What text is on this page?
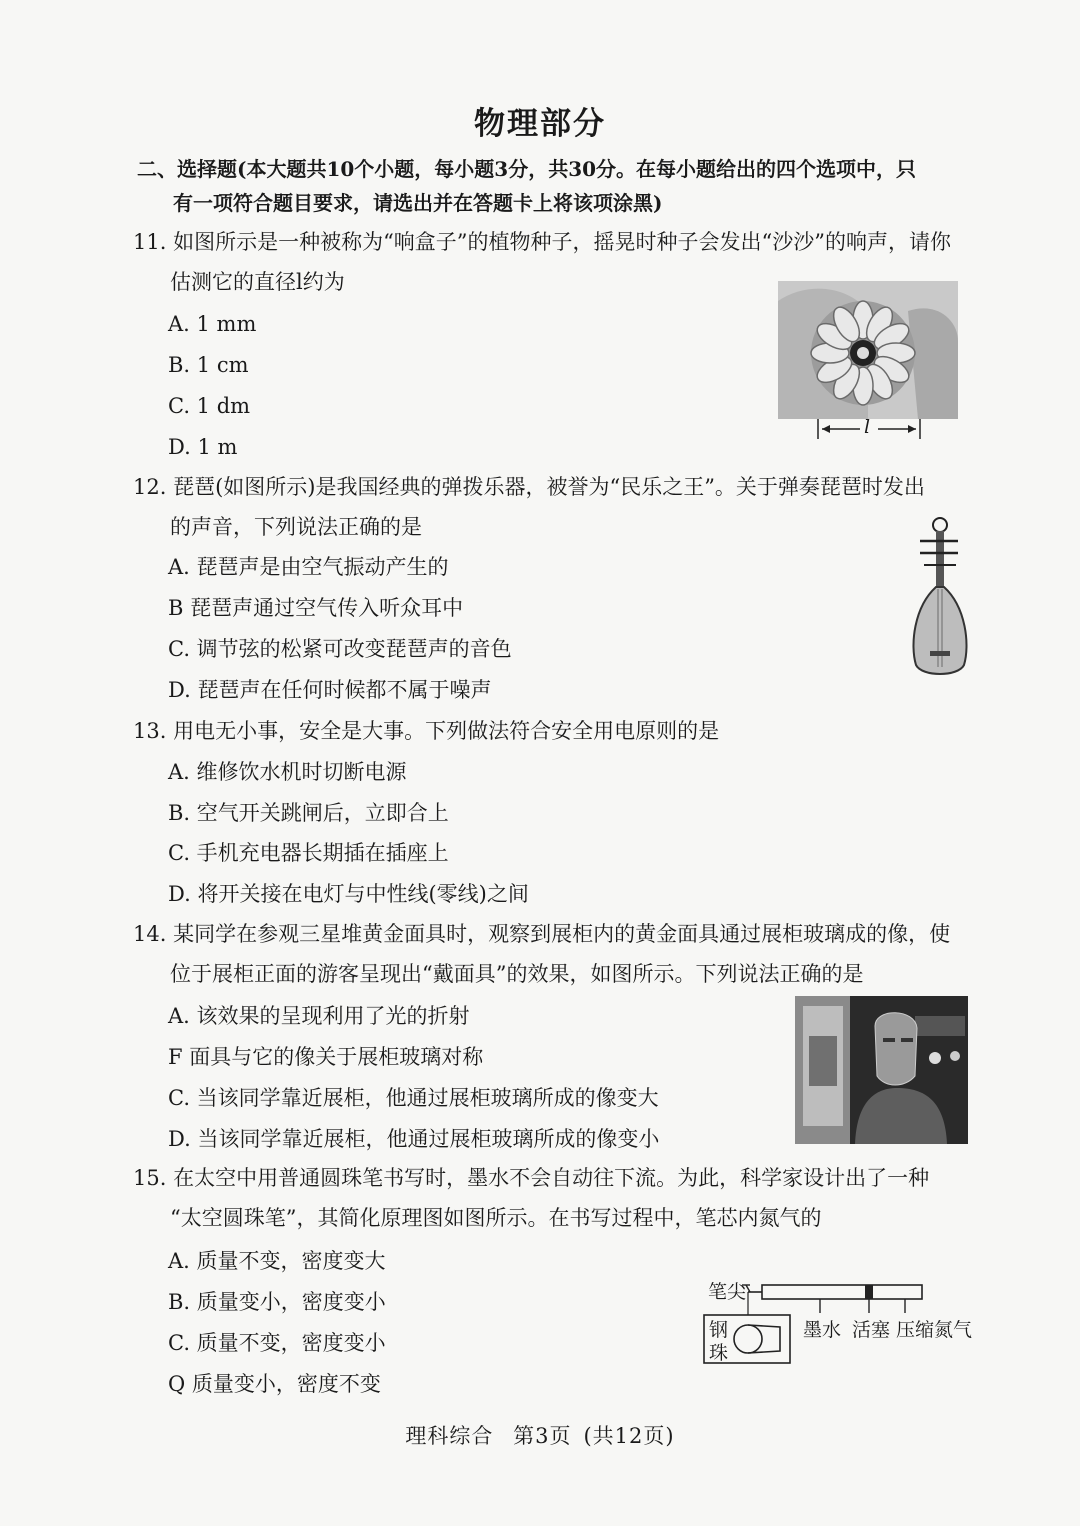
物理部分
二、选择题(本大题共10个小题，每小题3分，共30分。在每小题给出的四个选项中，只
有一项符合题目要求，请选出并在答题卡上将该项涂黑)
11. 如图所示是一种被称为“响盒子”的植物种子，摇晃时种子会发出“沙沙”的响声，请你
估测它的直径l约为
A. 1 mm
B. 1 cm
C. 1 dm
D. 1 m
l
12. 琵琶(如图所示)是我国经典的弹拨乐器，被誉为“民乐之王”。关于弹奏琵琶时发出
的声音，下列说法正确的是
A. 琵琶声是由空气振动产生的
B 琵琶声通过空气传入听众耳中
C. 调节弦的松紧可改变琵琶声的音色
D. 琵琶声在任何时候都不属于噪声
13. 用电无小事，安全是大事。下列做法符合安全用电原则的是
A. 维修饮水机时切断电源
B. 空气开关跳闸后，立即合上
C. 手机充电器长期插在插座上
D. 将开关接在电灯与中性线(零线)之间
14. 某同学在参观三星堆黄金面具时，观察到展柜内的黄金面具通过展柜玻璃成的像，使
位于展柜正面的游客呈现出“戴面具”的效果，如图所示。下列说法正确的是
A. 该效果的呈现利用了光的折射
F 面具与它的像关于展柜玻璃对称
C. 当该同学靠近展柜，他通过展柜玻璃所成的像变大
D. 当该同学靠近展柜，他通过展柜玻璃所成的像变小
15. 在太空中用普通圆珠笔书写时，墨水不会自动往下流。为此，科学家设计出了一种
“太空圆珠笔”，其简化原理图如图所示。在书写过程中，笔芯内氮气的
A. 质量不变，密度变大
B. 质量变小，密度变小
C. 质量不变，密度变小
Q 质量变小，密度不变
笔尖
钢
珠
墨水 活塞 压缩氮气
理科综合 第3页 (共12页)
